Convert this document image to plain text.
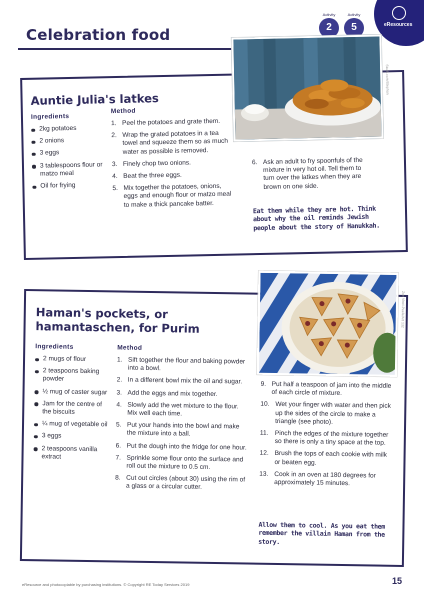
eResources
Activity
2
Activity
5
Celebration food
Auntie Julia's latkes
Ingredients
Method
2kg potatoes
2 onions
3 eggs
3 tablespoons flour or matzo meal
Oil for frying
1. Peel the potatoes and grate them.
2. Wrap the grated potatoes in a tea towel and squeeze them so as much water as possible is removed.
3. Finely chop two onions.
4. Beat the three eggs.
5. Mix together the potatoes, onions, eggs and enough flour or matzo meal to make a thick pancake batter.
6. Ask an adult to fry spoonfuls of the mixture in very hot oil. Tell them to turn over the latkes when they are brown on one side.
Eat them while they are hot. Think about why the oil reminds Jewish people about the story of Hanukkah.
Stock.com/Stephan
Haman's pockets, or
hamantaschen, for Purim
Ingredients	Method
2 mugs of flour
2 teaspoons baking powder
½ mug of caster sugar
Jam for the centre of the biscuits
¼ mug of vegetable oil
3 eggs
2 teaspoons vanilla extract
1. Sift together the flour and baking powder into a bowl.
2. In a different bowl mix the oil and sugar.
3. Add the eggs and mix together.
4. Slowly add the wet mixture to the flour. Mix well each time.
5. Put your hands into the bowl and make the mixture into a ball.
6. Put the dough into the fridge for one hour.
7. Sprinkle some flour onto the surface and roll out the mixture to 0.5 cm.
8. Cut out circles (about 30) using the rim of a glass or a circular cutter.
9. Put half a teaspoon of jam into the middle of each circle of mixture.
10. Wet your finger with water and then pick up the sides of the circle to make a triangle (see photo).
11. Pinch the edges of the mixture together so there is only a tiny space at the top.
12. Brush the tops of each cookie with milk or beaten egg.
13. Cook in an oven at 180 degrees for approximately 15 minutes.
Allow them to cool. As you eat them remember the villain Haman from the story.
Zoe Vinci-Peele/Art 132
eResource and photocopiable by purchasing institutions. © Copyright RE Today Services 2019	15
